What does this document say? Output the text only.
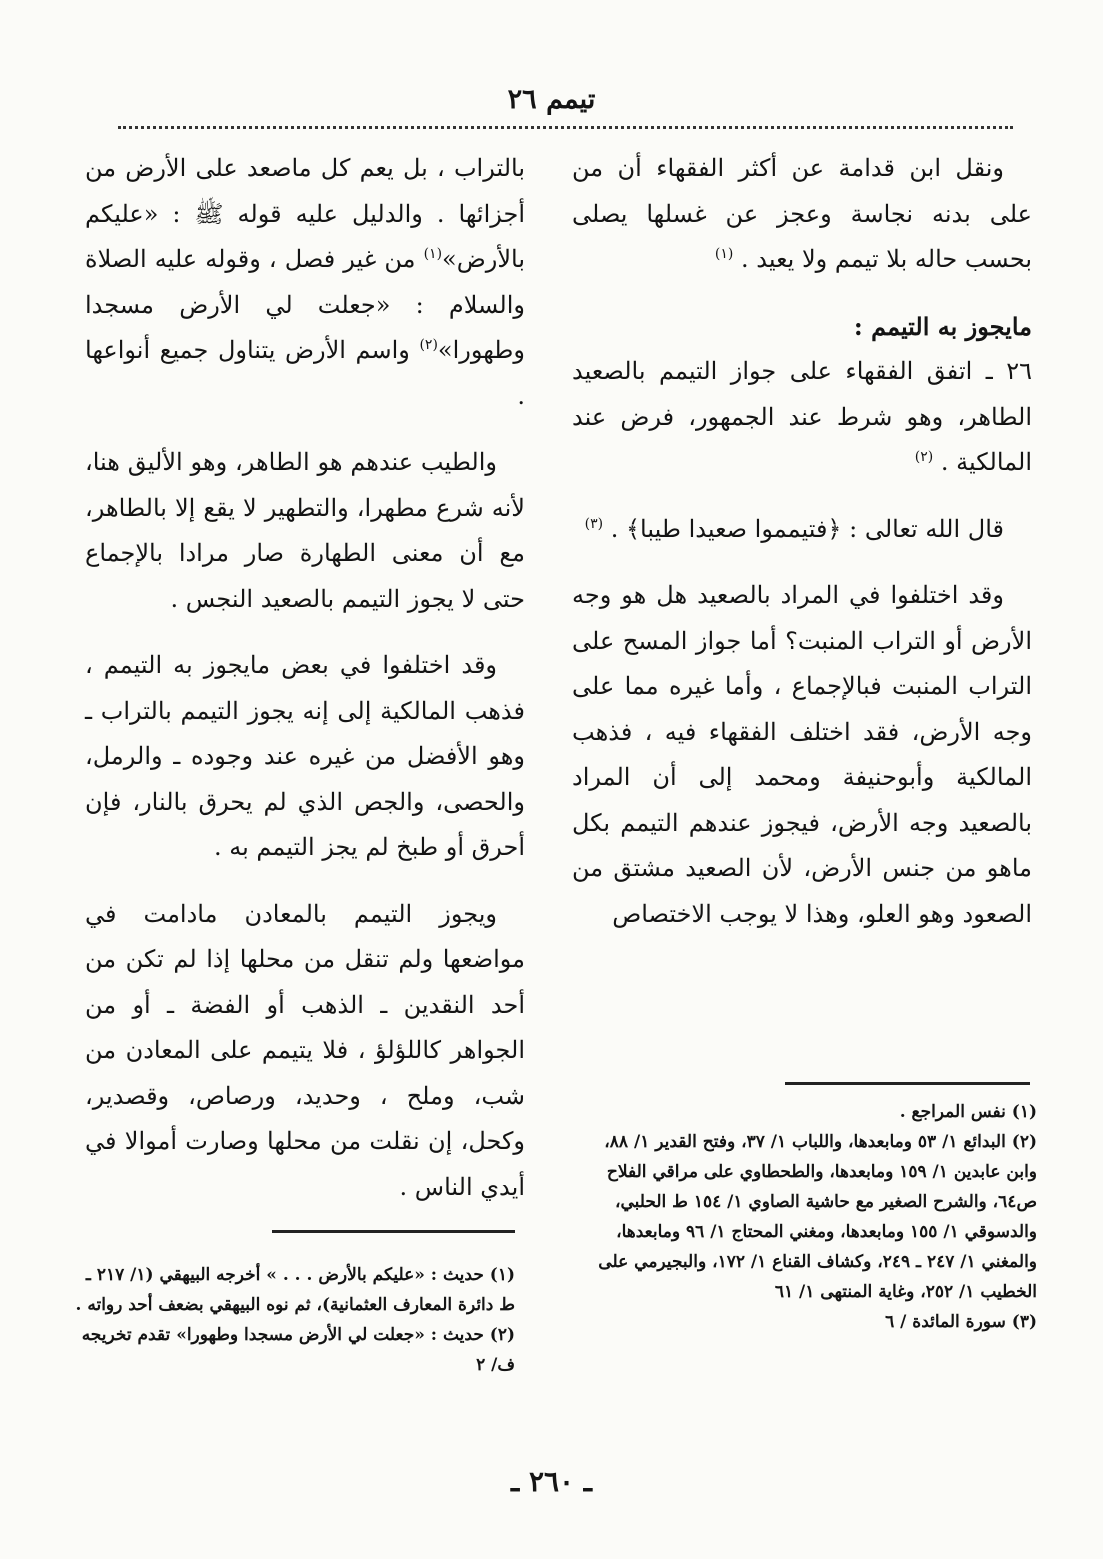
تيمم ٢٦

ونقل ابن قدامة عن أكثر الفقهاء أن من على بدنه نجاسة وعجز عن غسلها يصلى بحسب حاله بلا تيمم ولا يعيد . $^{(١)}$

مايجوز به التيمم :

٢٦ ـ اتفق الفقهاء على جواز التيمم بالصعيد الطاهر، وهو شرط عند الجمهور، فرض عند المالكية . $^{(٢)}$

قال الله تعالى : ﴿فتيمموا صعيدا طيبا﴾ . $^{(٣)}$

وقد اختلفوا في المراد بالصعيد هل هو وجه الأرض أو التراب المنبت؟ أما جواز المسح على التراب المنبت فبالإجماع ، وأما غيره مما على وجه الأرض، فقد اختلف الفقهاء فيه ، فذهب المالكية وأبوحنيفة ومحمد إلى أن المراد بالصعيد وجه الأرض، فيجوز عندهم التيمم بكل ماهو من جنس الأرض، لأن الصعيد مشتق من الصعود وهو العلو، وهذا لا يوجب الاختصاص

بالتراب ، بل يعم كل ماصعد على الأرض من أجزائها . والدليل عليه قوله ﷺ : «عليكم بالأرض»$^{(١)}$ من غير فصل ، وقوله عليه الصلاة والسلام : «جعلت لي الأرض مسجدا وطهورا»$^{(٢)}$ واسم الأرض يتناول جميع أنواعها .

والطيب عندهم هو الطاهر، وهو الأليق هنا، لأنه شرع مطهرا، والتطهير لا يقع إلا بالطاهر، مع أن معنى الطهارة صار مرادا بالإجماع حتى لا يجوز التيمم بالصعيد النجس .

وقد اختلفوا في بعض مايجوز به التيمم ، فذهب المالكية إلى إنه يجوز التيمم بالتراب ـ وهو الأفضل من غيره عند وجوده ـ والرمل، والحصى، والجص الذي لم يحرق بالنار، فإن أحرق أو طبخ لم يجز التيمم به .

ويجوز التيمم بالمعادن مادامت في مواضعها ولم تنقل من محلها إذا لم تكن من أحد النقدين ـ الذهب أو الفضة ـ أو من الجواهر كاللؤلؤ ، فلا يتيمم على المعادن من شب، وملح ، وحديد، ورصاص، وقصدير، وكحل، إن نقلت من محلها وصارت أموالا في أيدي الناس .

(١) نفس المراجع .
(٢) البدائع ١/ ٥٣ ومابعدها، واللباب ١/ ٣٧، وفتح القدير ١/ ٨٨، وابن عابدين ١/ ١٥٩ ومابعدها، والطحطاوي على مراقي الفلاح ص٦٤، والشرح الصغير مع حاشية الصاوي ١/ ١٥٤ ط الحلبي، والدسوقي ١/ ١٥٥ ومابعدها، ومغني المحتاج ١/ ٩٦ ومابعدها، والمغني ١/ ٢٤٧ ـ ٢٤٩، وكشاف القناع ١/ ١٧٢، والبجيرمي على الخطيب ١/ ٢٥٢، وغاية المنتهى ١/ ٦١
(٣) سورة المائدة / ٦
(١) حديث : «عليكم بالأرض . . . » أخرجه البيهقي (١/ ٢١٧ ـ ط دائرة المعارف العثمانية)، ثم نوه البيهقي بضعف أحد رواته .
(٢) حديث : «جعلت لي الأرض مسجدا وطهورا» تقدم تخريجه ف/ ٢
ـ ٢٦٠ ـ
